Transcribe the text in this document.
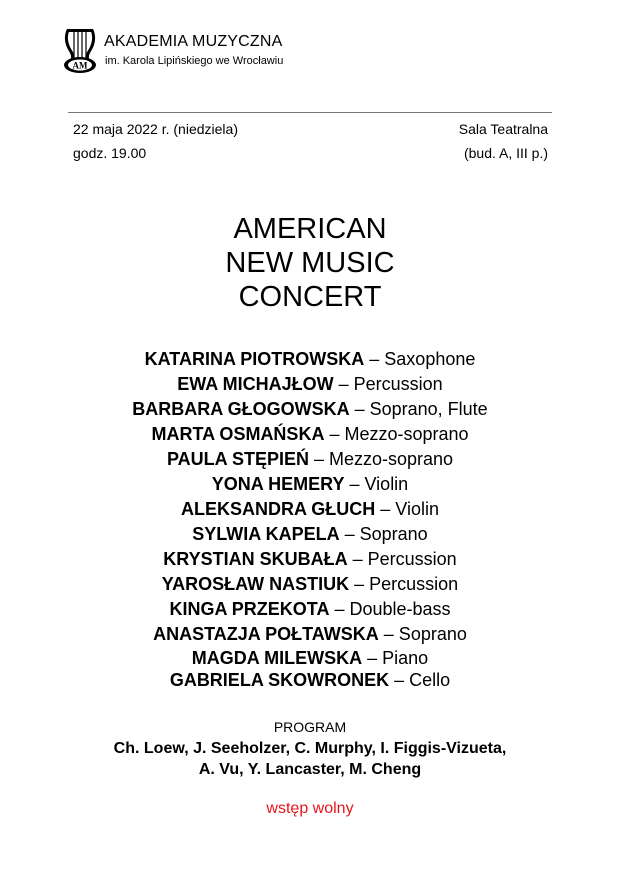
AM
AKADEMIA MUZYCZNA
im. Karola Lipińskiego we Wrocławiu
22 maja 2022 r. (niedziela)
godz. 19.00
Sala Teatralna
(bud. A, III p.)
AMERICAN
NEW MUSIC
CONCERT
KATARINA PIOTROWSKA – Saxophone
EWA MICHAJŁOW – Percussion
BARBARA GŁOGOWSKA – Soprano, Flute
MARTA OSMAŃSKA – Mezzo-soprano
PAULA STĘPIEŃ – Mezzo-soprano
YONA HEMERY – Violin
ALEKSANDRA GŁUCH – Violin
SYLWIA KAPELA – Soprano
KRYSTIAN SKUBAŁA – Percussion
YAROSŁAW NASTIUK – Percussion
KINGA PRZEKOTA – Double-bass
ANASTAZJA POŁTAWSKA – Soprano
MAGDA MILEWSKA – Piano
GABRIELA SKOWRONEK – Cello
PROGRAM
Ch. Loew, J. Seeholzer, C. Murphy, I. Figgis-Vizueta,
A. Vu, Y. Lancaster, M. Cheng
wstęp wolny
